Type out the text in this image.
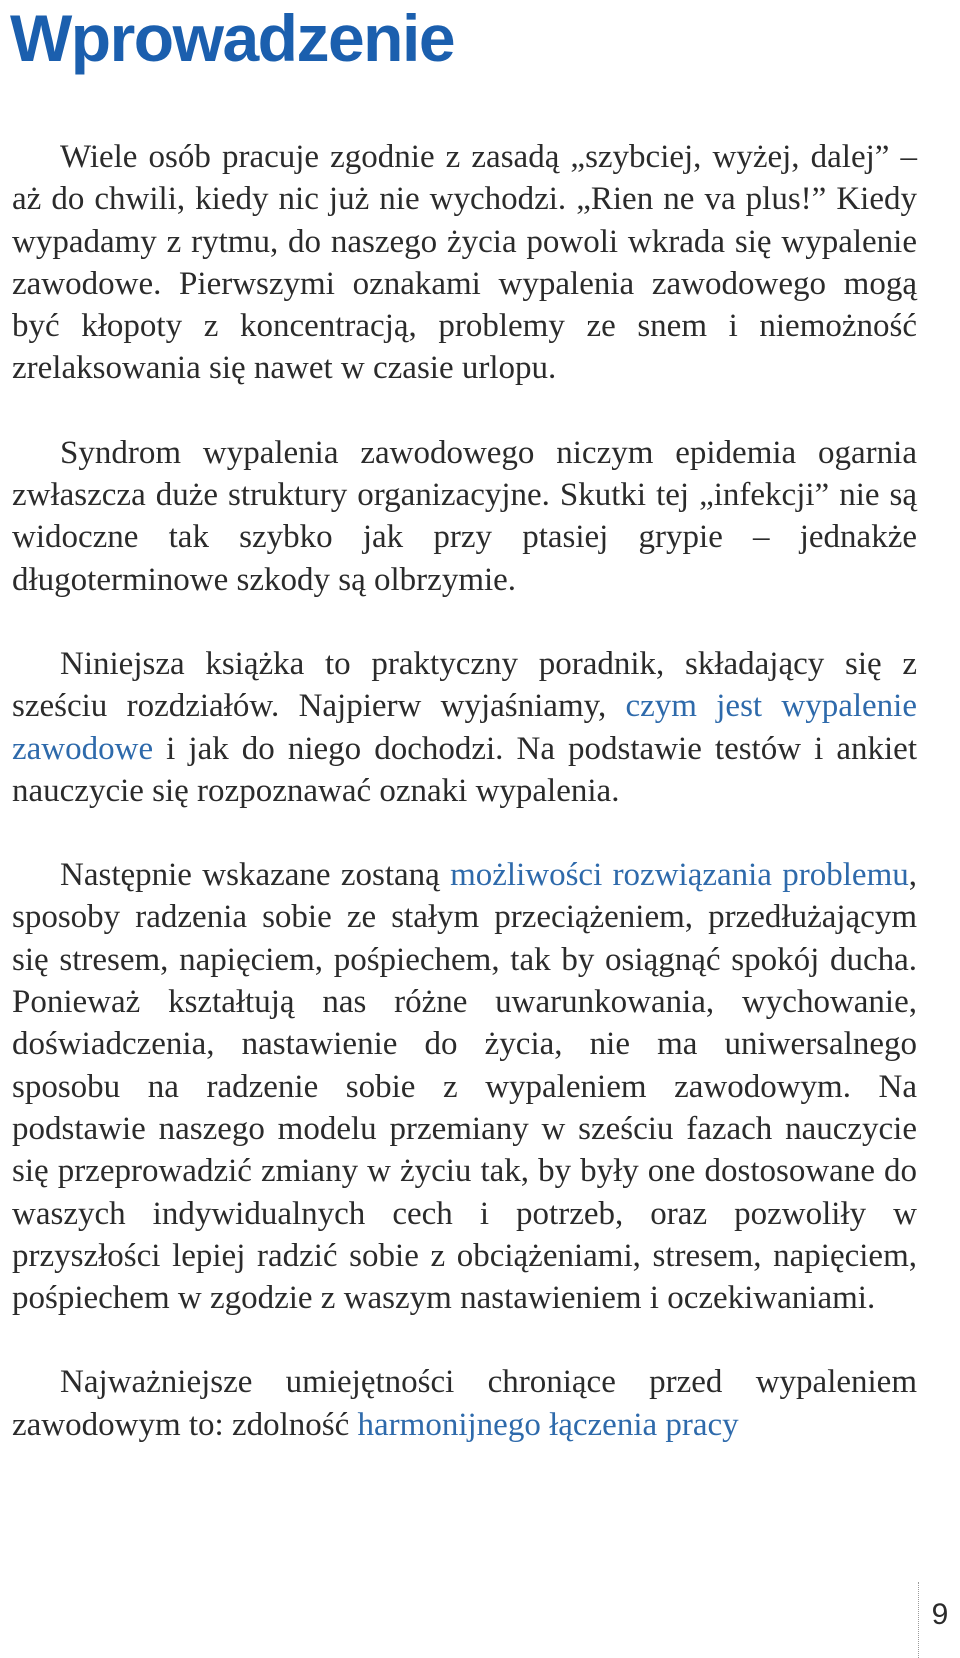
Wprowadzenie

Wiele osób pracuje zgodnie z zasadą „szybciej, wyżej, dalej” – aż do chwili, kiedy nic już nie wychodzi. „Rien ne va plus!” Kiedy wypadamy z rytmu, do naszego życia powoli wkrada się wypalenie zawodowe. Pierwszymi oznakami wypalenia zawodowego mogą być kłopoty z koncentracją, problemy ze snem i niemożność zrelaksowania się nawet w czasie urlopu.

Syndrom wypalenia zawodowego niczym epidemia ogarnia zwłaszcza duże struktury organizacyjne. Skutki tej „infekcji” nie są widoczne tak szybko jak przy ptasiej grypie – jednakże długoterminowe szkody są olbrzymie.

Niniejsza książka to praktyczny poradnik, składający się z sześciu rozdziałów. Najpierw wyjaśniamy, czym jest wypalenie zawodowe i jak do niego dochodzi. Na podstawie testów i ankiet nauczycie się rozpoznawać oznaki wypalenia.

Następnie wskazane zostaną możliwości rozwiązania problemu, sposoby radzenia sobie ze stałym przeciążeniem, przedłużającym się stresem, napięciem, pośpiechem, tak by osiągnąć spokój ducha. Ponieważ kształtują nas różne uwarunkowania, wychowanie, doświadczenia, nastawienie do życia, nie ma uniwersalnego sposobu na radzenie sobie z wypaleniem zawodowym. Na podstawie naszego modelu przemiany w sześciu fazach nauczycie się przeprowadzić zmiany w życiu tak, by były one dostosowane do waszych indywidualnych cech i potrzeb, oraz pozwoliły w przyszłości lepiej radzić sobie z obciążeniami, stresem, napięciem, pośpiechem w zgodzie z waszym nastawieniem i oczekiwaniami.

Najważniejsze umiejętności chroniące przed wypaleniem zawodowym to: zdolność harmonijnego łączenia pracy

9
